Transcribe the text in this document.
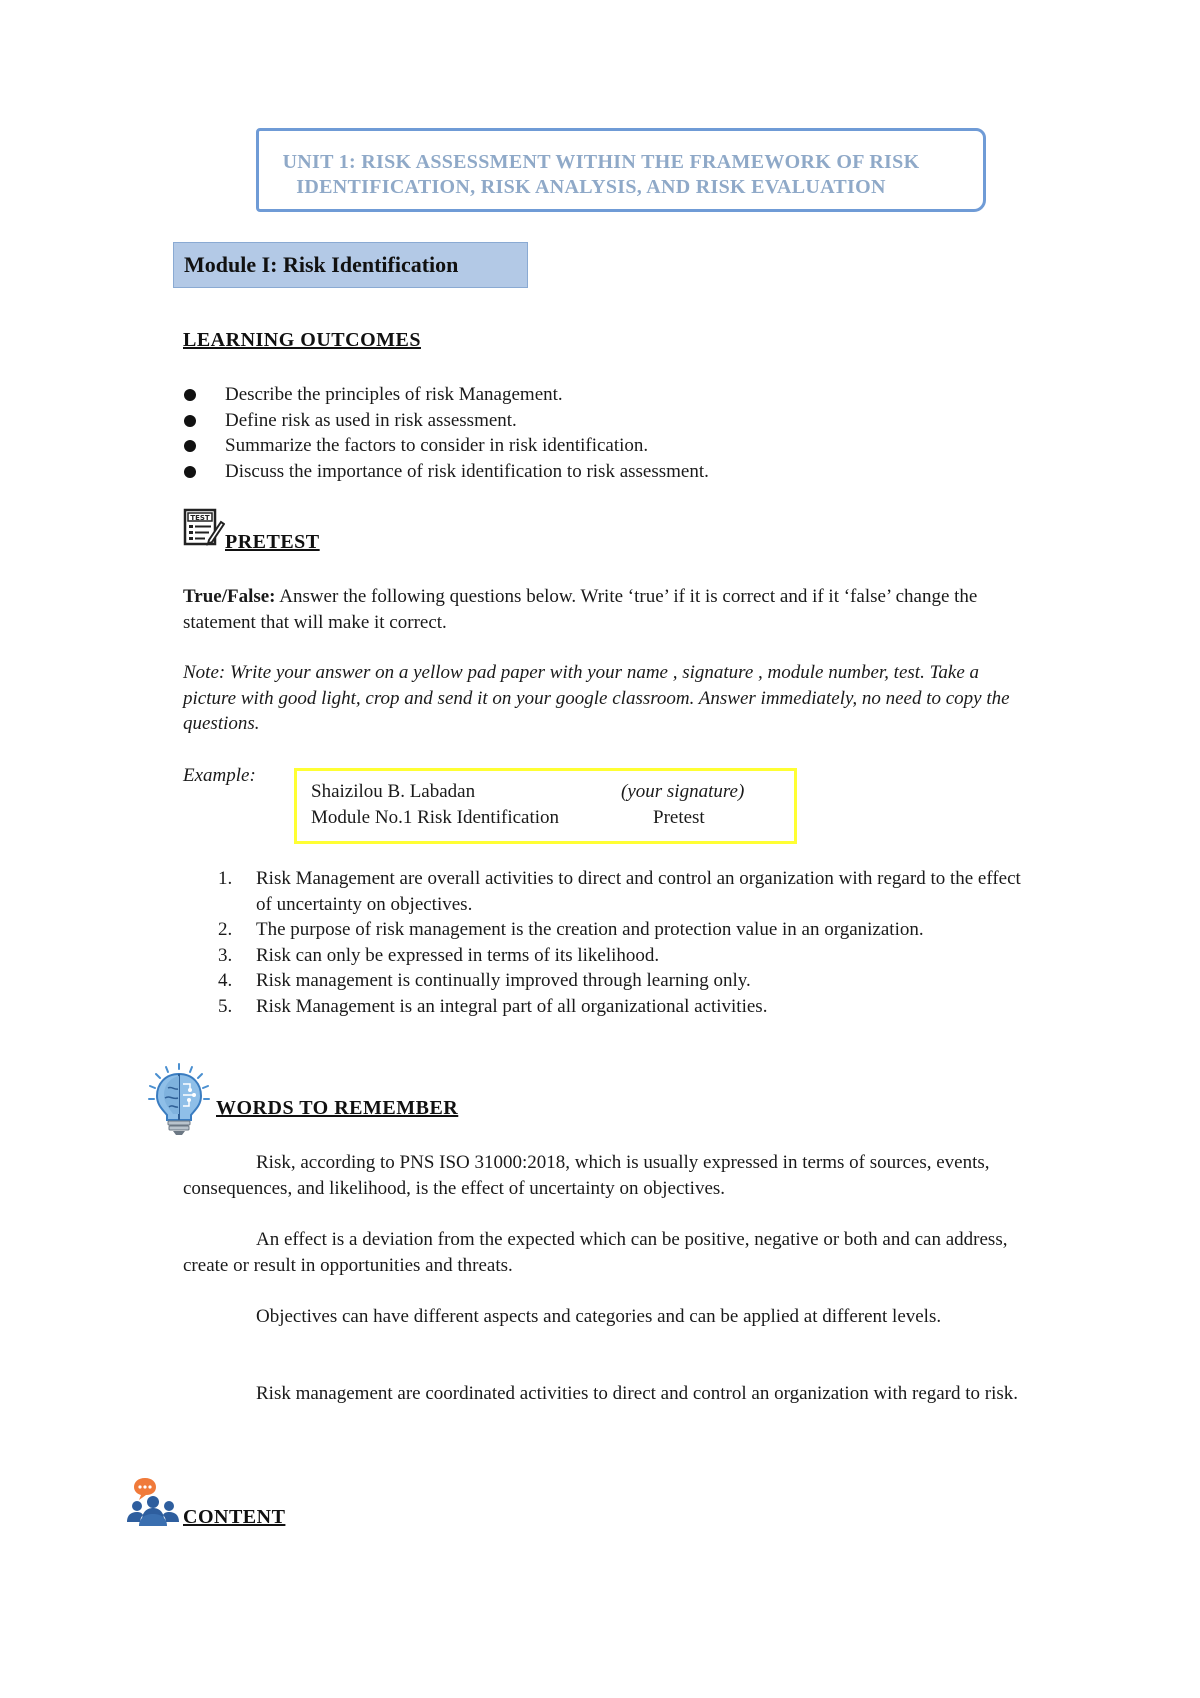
UNIT 1: RISK ASSESSMENT WITHIN THE FRAMEWORK OF RISK
IDENTIFICATION, RISK ANALYSIS, AND RISK EVALUATION
Module I: Risk Identification
LEARNING OUTCOMES
Describe the principles of risk Management.
Define risk as used in risk assessment.
Summarize the factors to consider in risk identification.
Discuss the importance of risk identification to risk assessment.
TEST
PRETEST
True/False: Answer the following questions below. Write ‘true’ if it is correct and if it ‘false’ change the statement that will make it correct.
Note: Write your answer on a yellow pad paper with your name , signature , module number, test. Take a picture with good light, crop and send it on your google classroom. Answer immediately, no need to copy the questions.
Example:
Shaizilou B. Labadan	(your signature)
Module No.1 Risk Identification	Pretest
1. Risk Management are overall activities to direct and control an organization with regard to the effect of uncertainty on objectives.
2. The purpose of risk management is the creation and protection value in an organization.
3. Risk can only be expressed in terms of its likelihood.
4. Risk management is continually improved through learning only.
5. Risk Management is an integral part of all organizational activities.
WORDS TO REMEMBER
Risk, according to PNS ISO 31000:2018, which is usually expressed in terms of sources, events, consequences, and likelihood, is the effect of uncertainty on objectives.
An effect is a deviation from the expected which can be positive, negative or both and can address, create or result in opportunities and threats.
Objectives can have different aspects and categories and can be applied at different levels.
Risk management are coordinated activities to direct and control an organization with regard to risk.
CONTENT
